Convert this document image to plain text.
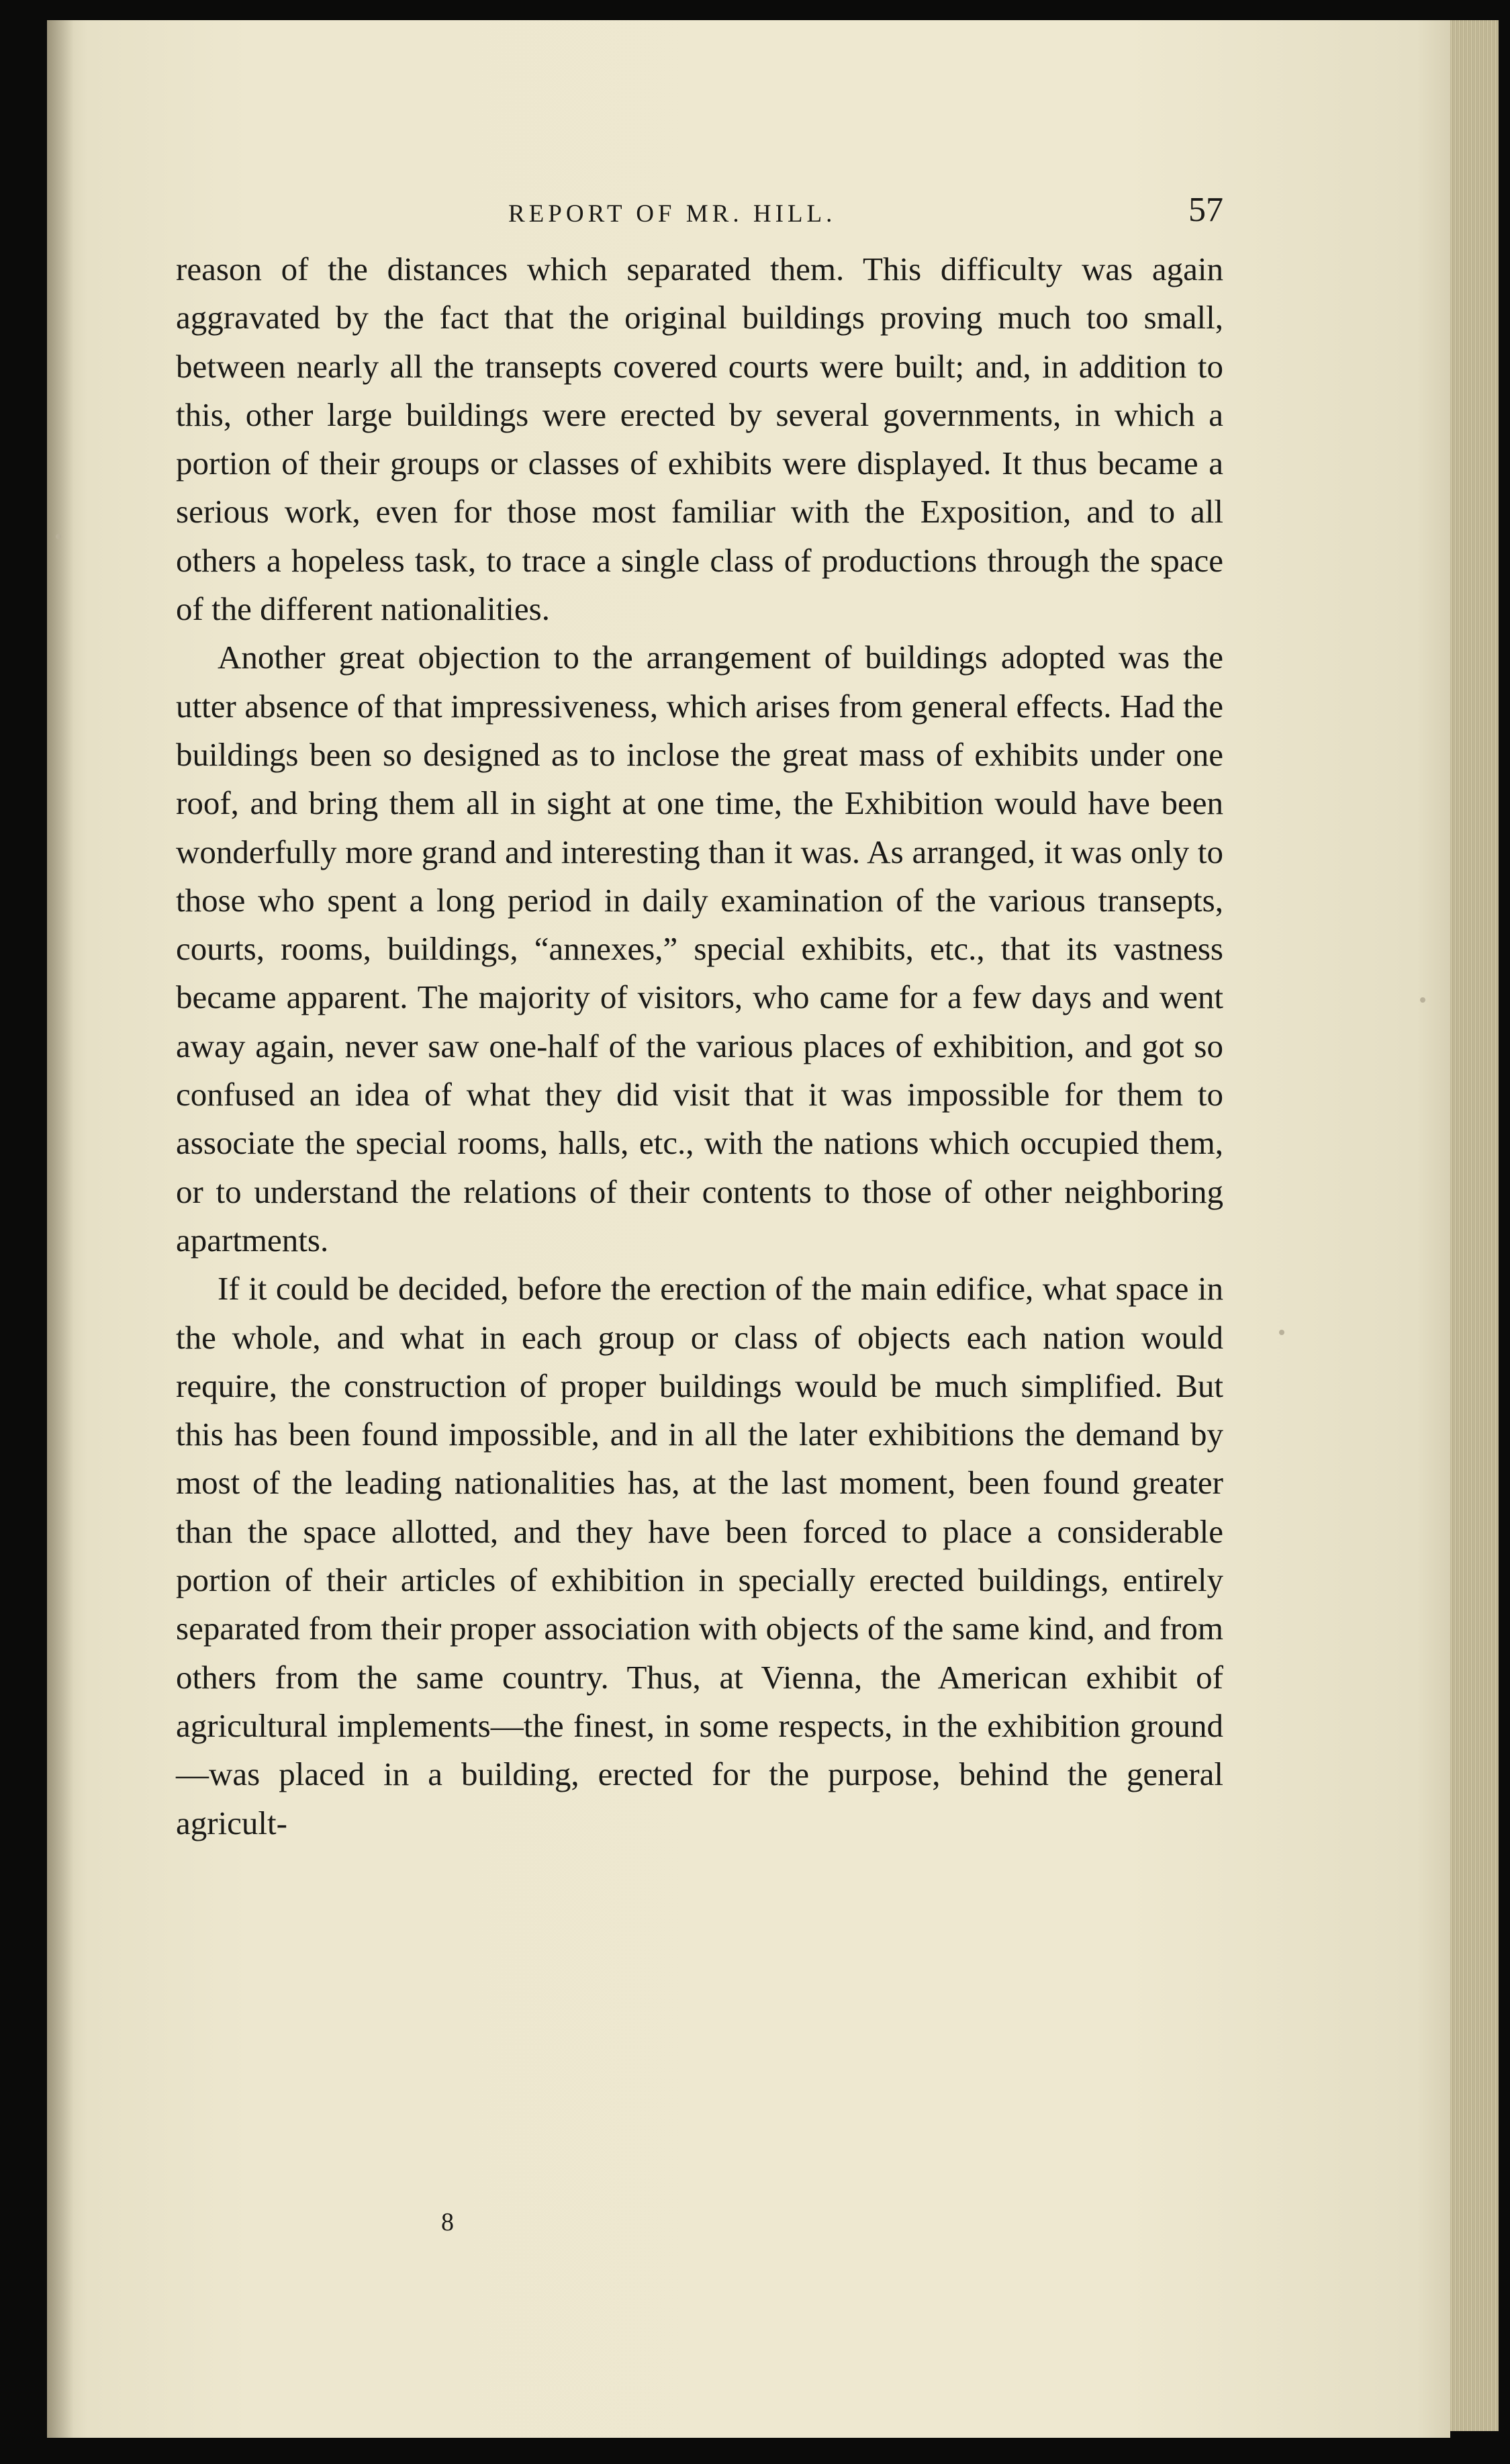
REPORT OF MR. HILL.	57

reason of the distances which separated them. This difficulty was again aggravated by the fact that the original buildings proving much too small, between nearly all the transepts covered courts were built; and, in addition to this, other large buildings were erected by several governments, in which a portion of their groups or classes of exhibits were displayed. It thus became a serious work, even for those most familiar with the Exposition, and to all others a hopeless task, to trace a single class of productions through the space of the different nationalities.

Another great objection to the arrangement of buildings adopted was the utter absence of that impressiveness, which arises from general effects. Had the buildings been so designed as to inclose the great mass of exhibits under one roof, and bring them all in sight at one time, the Exhibition would have been wonderfully more grand and interesting than it was. As arranged, it was only to those who spent a long period in daily examination of the various transepts, courts, rooms, buildings, “annexes,” special exhibits, etc., that its vastness became apparent. The majority of visitors, who came for a few days and went away again, never saw one-half of the various places of exhibition, and got so confused an idea of what they did visit that it was impossible for them to associate the special rooms, halls, etc., with the nations which occupied them, or to understand the relations of their contents to those of other neighboring apartments.

If it could be decided, before the erection of the main edifice, what space in the whole, and what in each group or class of objects each nation would require, the construction of proper buildings would be much simplified. But this has been found impossible, and in all the later exhibitions the demand by most of the leading nationalities has, at the last moment, been found greater than the space allotted, and they have been forced to place a considerable portion of their articles of exhibition in specially erected buildings, entirely separated from their proper association with objects of the same kind, and from others from the same country. Thus, at Vienna, the American exhibit of agricultural implements—the finest, in some respects, in the exhibition ground—was placed in a building, erected for the purpose, behind the general agricult-

8
